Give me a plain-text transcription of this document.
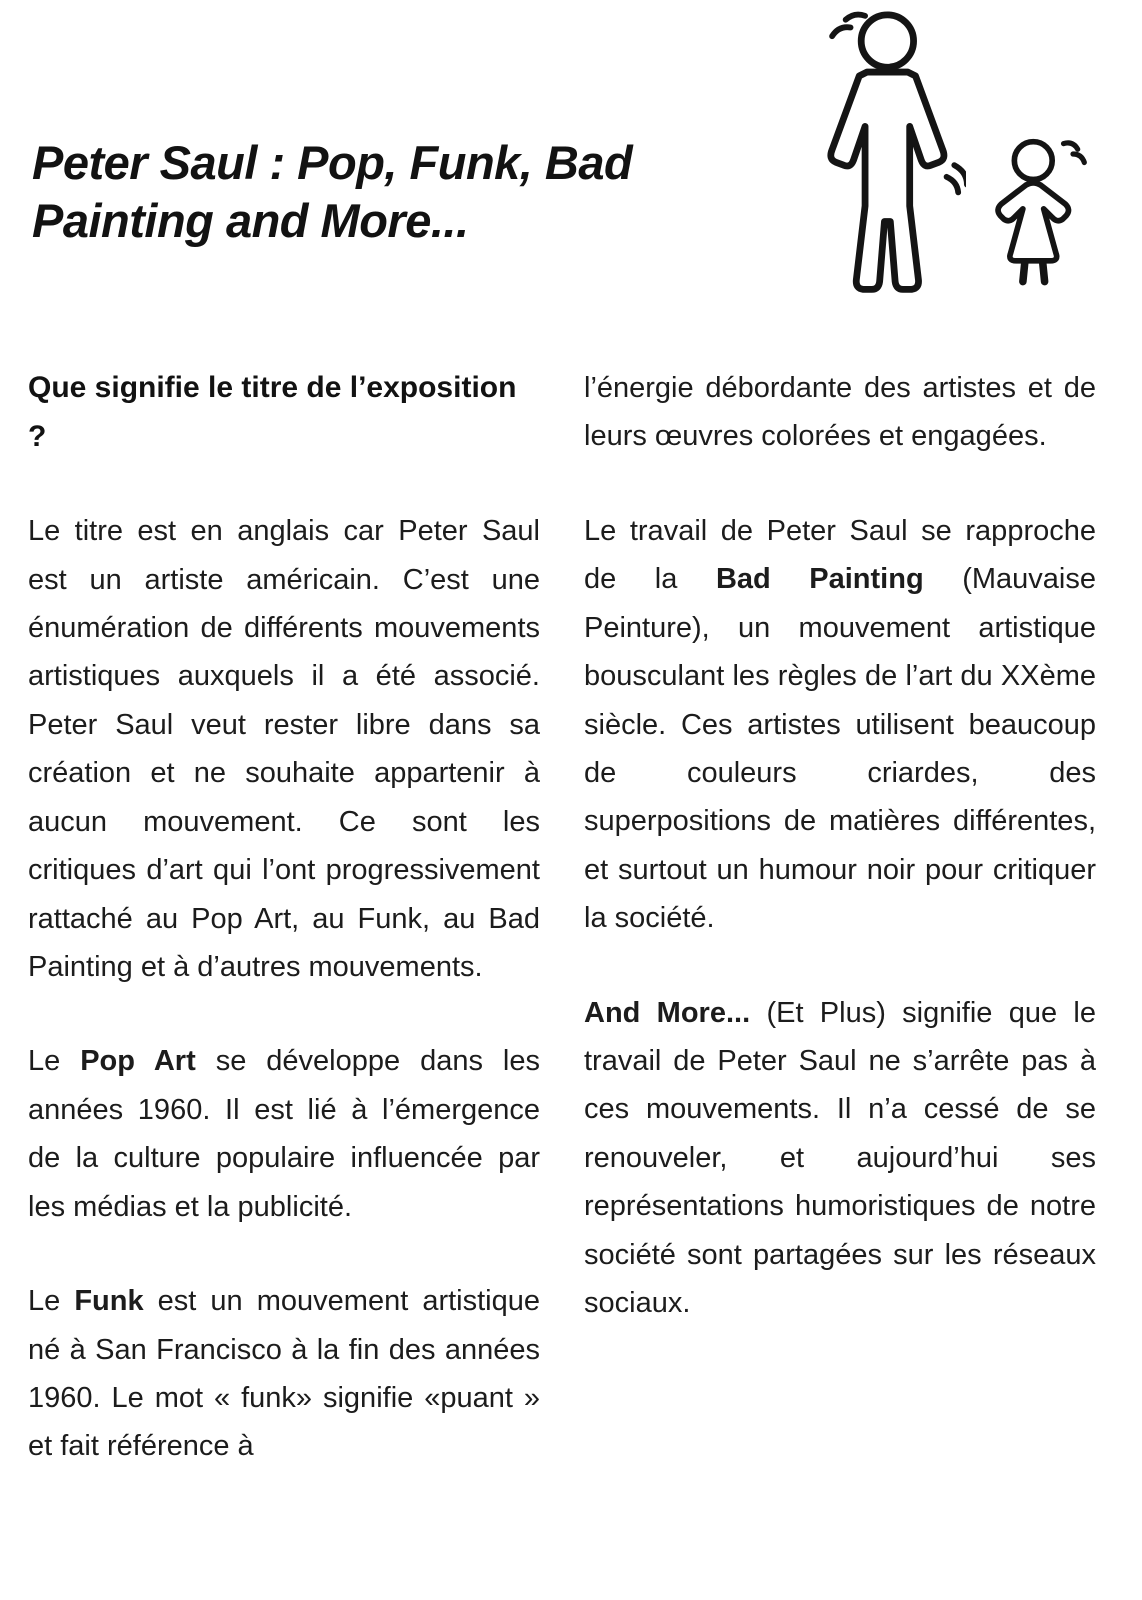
Peter Saul : Pop, Funk, Bad Painting and More...
Que signifie le titre de l’exposition ?

Le titre est en anglais car Peter Saul est un artiste américain. C’est une énumération de différents mouvements artistiques auxquels il a été associé. Peter Saul veut rester libre dans sa création et ne souhaite appartenir à aucun mouvement. Ce sont les critiques d’art qui l’ont progressivement rattaché au Pop Art, au Funk, au Bad Painting et à d’autres mouvements.

Le Pop Art se développe dans les années 1960. Il est lié à l’émergence de la culture populaire influencée par les médias et la publicité.

Le Funk est un mouvement artistique né à San Francisco à la fin des années 1960. Le mot « funk» signifie «puant » et fait référence à

l’énergie débordante des artistes et de leurs œuvres colorées et engagées.

Le travail de Peter Saul se rapproche de la Bad Painting (Mauvaise Peinture), un mouvement artistique bousculant les règles de l’art du XXème siècle. Ces artistes utilisent beaucoup de couleurs criardes, des superpositions de matières différentes, et surtout un humour noir pour critiquer la société.

And More... (Et Plus) signifie que le travail de Peter Saul ne s’arrête pas à ces mouvements. Il n’a cessé de se renouveler, et aujourd’hui ses représentations humoristiques de notre société sont partagées sur les réseaux sociaux.
